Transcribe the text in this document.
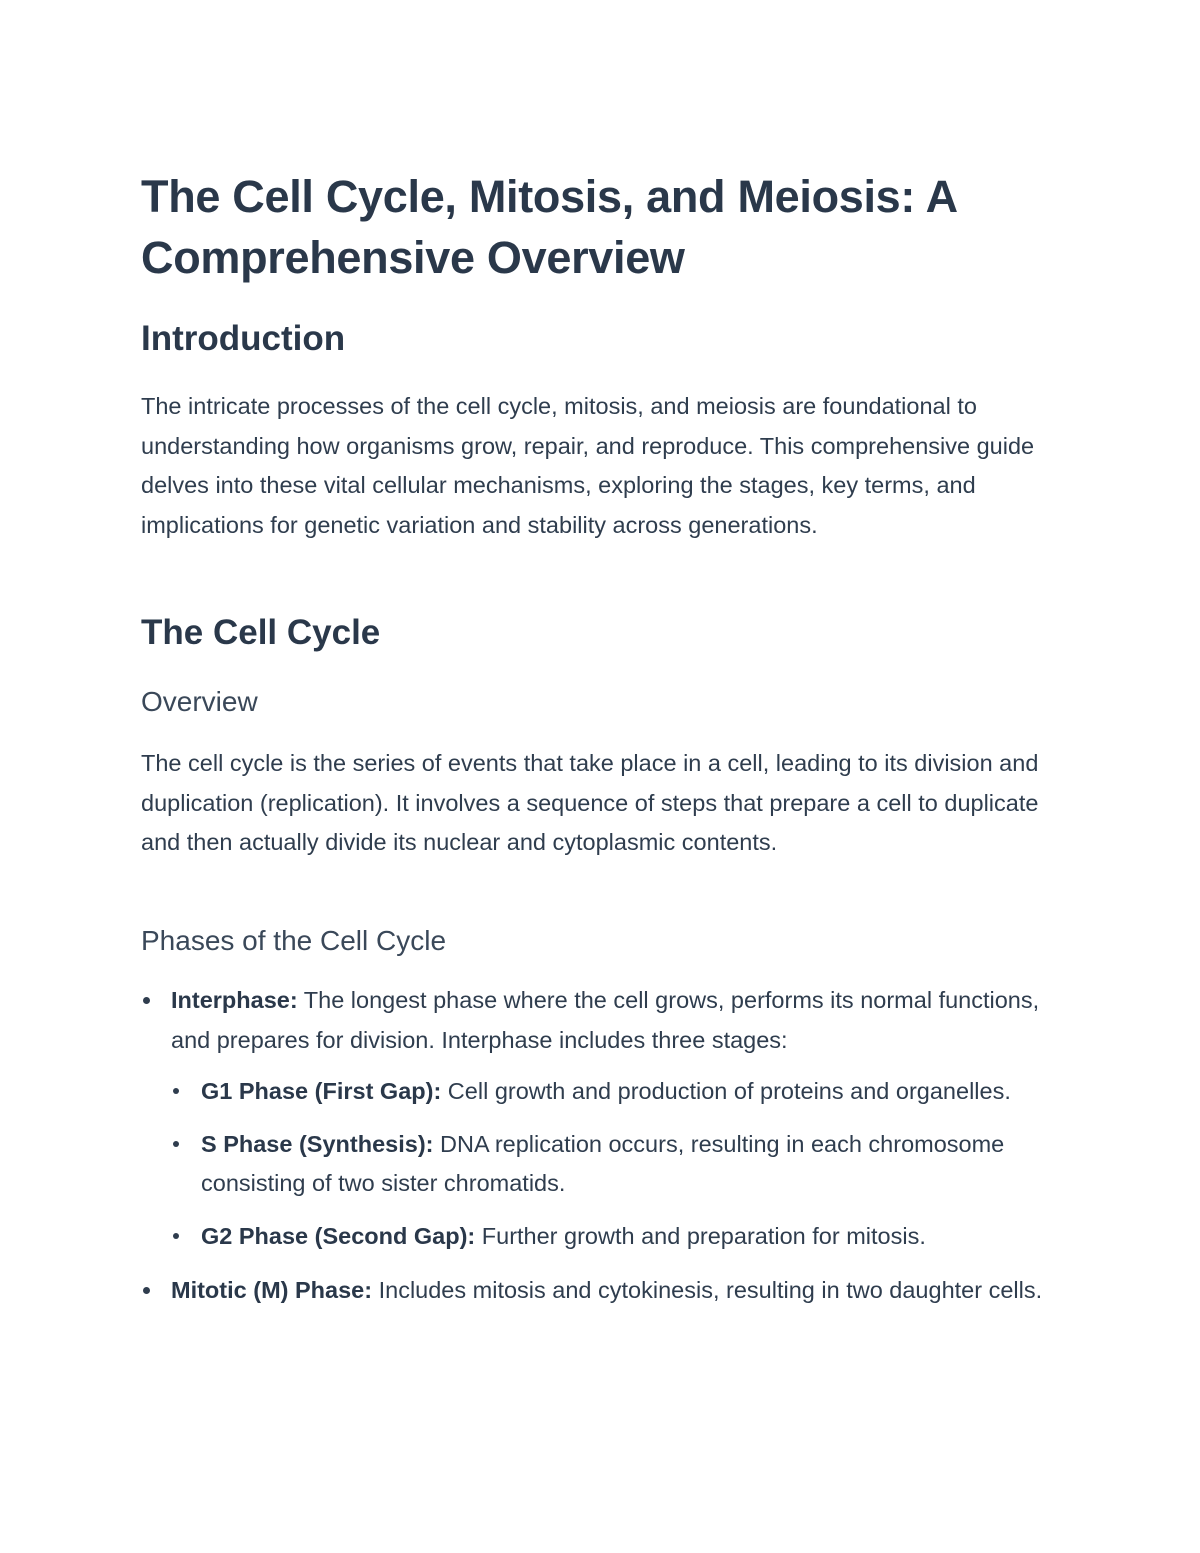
The Cell Cycle, Mitosis, and Meiosis: A Comprehensive Overview
Introduction

The intricate processes of the cell cycle, mitosis, and meiosis are foundational to understanding how organisms grow, repair, and reproduce. This comprehensive guide delves into these vital cellular mechanisms, exploring the stages, key terms, and implications for genetic variation and stability across generations.

The Cell Cycle
Overview

The cell cycle is the series of events that take place in a cell, leading to its division and duplication (replication). It involves a sequence of steps that prepare a cell to duplicate and then actually divide its nuclear and cytoplasmic contents.

Phases of the Cell Cycle
Interphase: The longest phase where the cell grows, performs its normal functions, and prepares for division. Interphase includes three stages:
G1 Phase (First Gap): Cell growth and production of proteins and organelles.
S Phase (Synthesis): DNA replication occurs, resulting in each chromosome consisting of two sister chromatids.
G2 Phase (Second Gap): Further growth and preparation for mitosis.
Mitotic (M) Phase: Includes mitosis and cytokinesis, resulting in two daughter cells.
